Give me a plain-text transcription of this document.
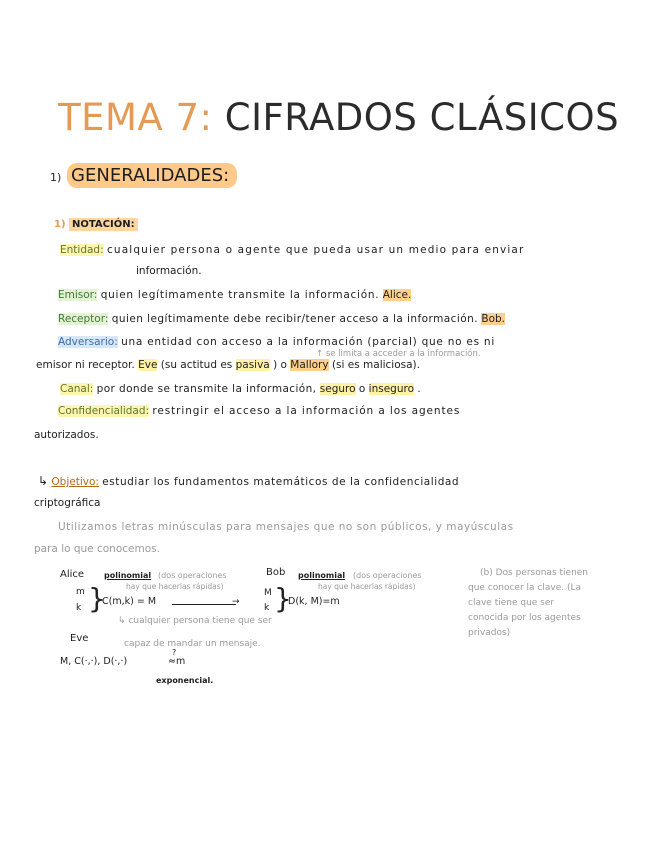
TEMA 7: CIFRADOS CLÁSICOS
1) GENERALIDADES:
1) NOTACIÓN:
Entidad: cualquier persona o agente que pueda usar un medio para enviar
información.
Emisor: quien legítimamente transmite la información. Alice.
Receptor: quien legítimamente debe recibir/tener acceso a la información. Bob.
Adversario: una entidad con acceso a la información (parcial) que no es ni
↑ se limita a acceder a la información.
emisor ni receptor. Eve (su actitud es pasiva ) o Mallory (si es maliciosa).
Canal: por donde se transmite la información, seguro o inseguro .
Confidencialidad: restringir el acceso a la información a los agentes
autorizados.
↳ Objetivo: estudiar los fundamentos matemáticos de la confidencialidad
criptográfica
Utilizamos letras minúsculas para mensajes que no son públicos, y mayúsculas
para lo que conocemos.
Alice polinomial (dos operaciones
hay que hacerlas rápidas)
m
k }
C(m,k) = M	→
Bob polinomial (dos operaciones
hay que hacerlas rápidas)
M
k }
D(k, M)=m
↳ cualquier persona tiene que ser
capaz de mandar un mensaje.
Eve
M, C(·,·), D(·,·)
?
≈m
exponencial.
(b) Dos personas tienen
que conocer la clave. (La
clave tiene que ser
conocida por los agentes
privados)
